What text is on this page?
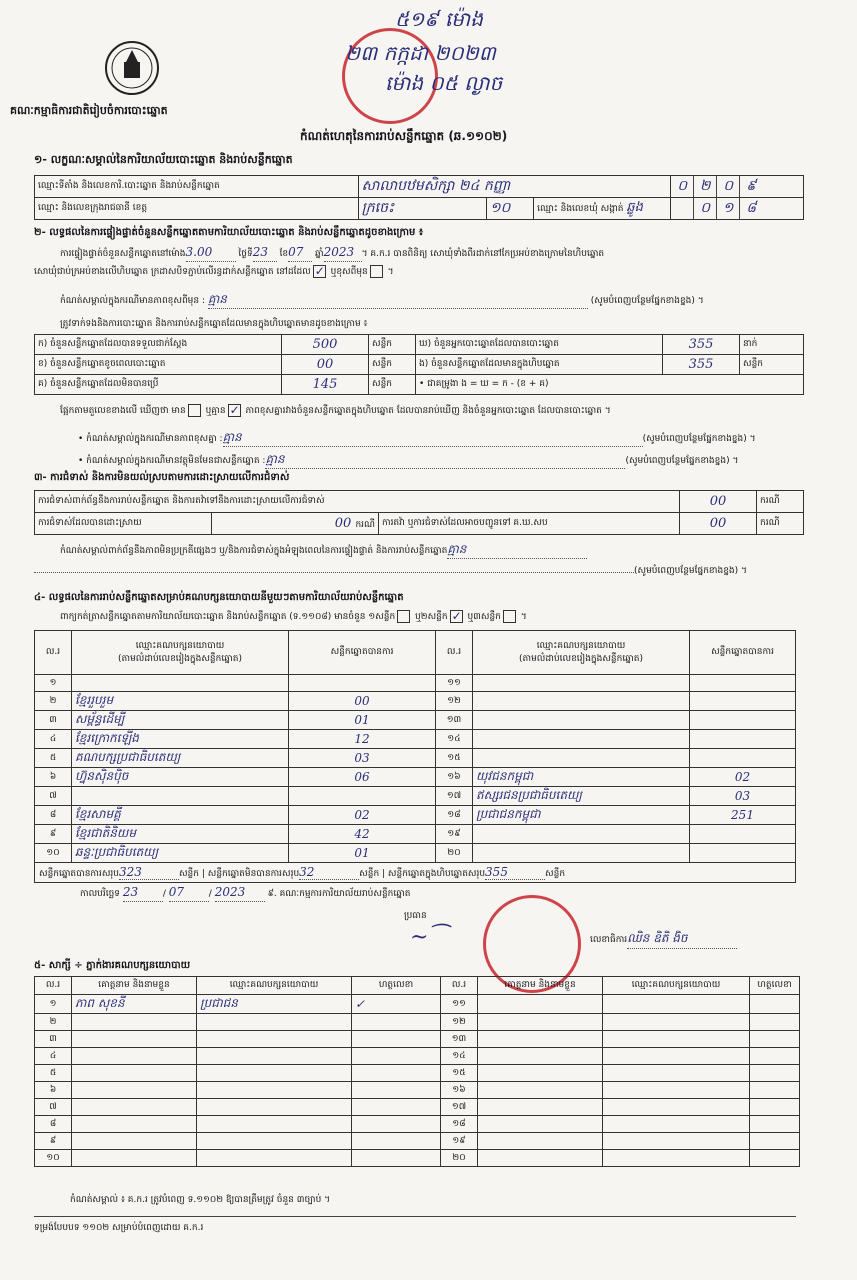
គណៈ​កម្មាធិការ​ជាតិ​រៀបចំ​ការ​បោះ​ឆ្នោត
៥១៩ ម៉ោង​
២៣ ក​ក្កដា ២០២៣
ម៉ោង ០៥ ល្ងាច
កំណត់ហេតុនៃការរាប់សន្លឹកឆ្នោត (ឆ.១១០២)
១- លក្ខណៈ​សម្គាល់​នៃ​ការិយាល័យ​បោះឆ្នោត និង​រាប់​សន្លឹក​ឆ្នោត
ឈ្មោះ​ទីតាំង និង​លេខ​ការិ.បោះឆ្នោត និង​រាប់​សន្លឹក​ឆ្នោត	សាលាបឋមសិក្សា ២៤ កញ្ញា			០ ២ ០ ៩
ឈ្មោះ និង​លេខ​ក្រុង​រាជធានី ខេត្ត	ក្រចេះ	១០	ឈ្មោះ និង​លេខ​ឃុំ សង្កាត់ ឆ្លូង	០ ១ ៨
២- លទ្ធផល​នៃ​ការ​ផ្ទៀងផ្ទាត់​ចំនួន​សន្លឹក​ឆ្នោត​តាម​ការិយាល័យ​បោះឆ្នោត និង​រាប់​សន្លឹក​ឆ្នោត​ដូច​ខាង​ក្រោម ៖
ការ​ផ្ទៀងផ្ទាត់​ចំនួន​សន្លឹក​ឆ្នោត​នៅ​ម៉ោង3.00	ថ្ងៃទី23 ខែ07 ឆ្នាំ2023 ។ គ.ក.រ បាន​ពិនិត្យ សោ​ឃុំ​ទាំង​ពីរ​ដាក់​នៅ​កែ​ប្រអប់​ខាង​ក្រោម​នៃ​ហិប​ឆ្នោត
សោ​ឃុំ​ជាប់​ក្រ​អប់​ខាង​លើ​ហិប​ឆ្នោត ក្រដាស​បិទ​ភ្ជាប់​លើ​រន្ធ​ដាក់​សន្លឹក​ឆ្នោត នៅ​ដដែល ✓ ឬ​ខុស​ពី​មុន ។
កំណត់​សម្គាល់​ក្នុង​ករណី​មាន​ភាព​ខុស​ពី​មុន : គ្មាន	(សូម​បំពេញ​បន្ថែម​ផ្នែក​ខាង​ខ្នង) ។
ត្រូវ​ទាក់​ទង​និង​ការ​បោះ​ឆ្នោត និង​ការ​រាប់​សន្លឹក​ឆ្នោត​ដែល​មាន​ក្នុង​ហិប​ឆ្នោត​មាន​ដូច​ខាង​ក្រោម ៖
ក) ចំនួន​សន្លឹក​ឆ្នោត​ដែល​បាន​ទទួល​ជាក់​ស្តែង	500	សន្លឹក	ឃ) ចំនួន​អ្នក​បោះ​ឆ្នោត​ដែល​បាន​បោះ​ឆ្នោត	355	នាក់
ខ) ចំនួន​សន្លឹក​ឆ្នោត​ខូច​ពេល​បោះ​ឆ្នោត	00	សន្លឹក	ង) ចំនួន​សន្លឹក​ឆ្នោត​ដែល​មាន​ក្នុង​ហិប​ឆ្នោត	355	សន្លឹក
គ) ចំនួន​សន្លឹក​ឆ្នោត​ដែល​មិន​បាន​ប្រើ	145	សន្លឹក	• ជា​គម្រូ​ងា ង = ឃ = ក - (ខ + គ)		
ផ្អែក​តាម​តួ​លេខ​ខាង​លើ​ ឃើញ​ថា មាន ឬ​គ្មាន ✓ ភាព​ខុស​គ្នា​រវាង​ចំនួន​សន្លឹក​ឆ្នោត​ក្នុង​ហិប​ឆ្នោត ដែល​បាន​រាប់​ឃើញ និង​ចំនួន​អ្នក​បោះ​ឆ្នោត ដែល​បាន​បោះ​ឆ្នោត ។
• កំណត់​សម្គាល់​ក្នុង​ករណី​មាន​ភាព​ខុស​គ្នា :គ្មាន	(សូម​បំពេញ​បន្ថែម​ផ្នែក​ខាង​ខ្នង) ។
• កំណត់​សម្គាល់​ក្នុង​ករណី​មាន​វត្ថុ​មិន​មែន​ជា​សន្លឹក​ឆ្នោត :គ្មាន	(សូម​បំពេញ​បន្ថែម​ផ្នែក​ខាង​ខ្នង) ។
៣- ការ​ជំទាស់ និង​ការ​មិន​យល់​ស្រប​តាម​ការ​ដោះ​ស្រាយ​លើ​ការ​ជំទាស់
ការ​ជំទាស់​ពាក់​ព័ន្ធ​នឹង​ការ​រាប់​សន្លឹក​ឆ្នោត និង​ការ​តវ៉ា​ទៅ​នឹង​ការ​ដោះ​ស្រាយ​លើ​ការ​ជំទាស់			00	ករណី
ការ​ជំទាស់​ដែល​បាន​ដោះ​ស្រាយ	00 ករណី	ការ​តវ៉ា ឬ​ការ​ជំទាស់​ដែល​អាច​បញ្ជូន​ទៅ គ.ឃ.សប	00	ករណី
កំណត់​សម្គាល់​ពាក់​ព័ន្ធ​នឹង​ភាព​មិន​ប្រក្រតី​ផ្សេង​ៗ ឬ/និង​ការ​ជំទាស់​ក្នុង​អំឡុង​ពេល​នៃ​ការ​ផ្ទៀងផ្ទាត់ និង​ការ​រាប់​សន្លឹក​ឆ្នោតគ្មាន
(សូម​បំពេញ​បន្ថែម​ផ្នែក​ខាង​ខ្នង) ។
៤- លទ្ធផល​នៃ​ការ​រាប់​សន្លឹក​ឆ្នោត​សម្រាប់​គណបក្ស​នយោបាយ​នីមួយៗ​តាម​ការិយាល័យ​រាប់​សន្លឹក​ឆ្នោត
ពាក្យ​កត់​ត្រា​សន្លឹក​ឆ្នោត​តាម​ការិយាល័យ​បោះ​ឆ្នោត និង​រាប់​សន្លឹក​ឆ្នោត (ទ.១១០៨) មាន​ចំនួន ១សន្លឹក ឬ២សន្លឹក ✓ ឬ៣សន្លឹក ។
ល.រ	ឈ្មោះ​គណបក្ស​នយោបាយ
(តាម​លំដាប់​លេខ​រៀង​ក្នុង​សន្លឹក​ឆ្នោត)	សន្លឹក​ឆ្នោត​បាន​ការ	ល.រ	ឈ្មោះ​គណបក្ស​នយោបាយ
(តាម​លំដាប់​លេខ​រៀង​ក្នុង​សន្លឹក​ឆ្នោត)	សន្លឹក​ឆ្នោត​បាន​ការ
១			១១		
២	ខ្មែរ​រួបរួម	00	១២		
៣	សម្ព័ន្ធ​ដើម្បី	01	១៣		
៤	ខ្មែរ​ក្រោក​ឡើង	12	១៤		
៥	គណបក្ស​ប្រជាធិបតេយ្យ	03	១៥		
៦	ហ្វ៊ុនស៊ិនប៉ិច	06	១៦	យុវជន​កម្ពុជា	02
៧			១៧	ឥស្សរជន​ប្រជាធិបតេយ្យ	03
៨	ខ្មែរ​សាមគ្គី	02	១៨	ប្រជាជន​កម្ពុជា	251
៩	ខ្មែរ​ជាតិ​និយម	42	១៩		
១០	ឆន្ទៈ​ប្រជាធិបតេយ្យ	01	២០		
សន្លឹក​ឆ្នោត​បាន​ការ​សរុប323 សន្លឹក | សន្លឹក​ឆ្នោត​មិន​បាន​ការ​សរុប32 សន្លឹក | សន្លឹក​ឆ្នោត​ក្នុង​ហិប​ឆ្នោត​សរុប355 សន្លឹក					
កាល​បរិច្ឆេទ 23	/ 07	/ 2023 ៩. គណៈ​កម្មការ​ការិយាល័យ​រាប់​សន្លឹក​ឆ្នោត
ប្រធាន
~⁀	លេខាធិការឈិន ឧិតិ ងិច
៥- សាក្សី ÷ ភ្នាក់​ងារ​គណបក្ស​នយោបាយ
ល.រ	គោត្តនាម និង​នាម​ខ្លួន	ឈ្មោះ​គណបក្ស​នយោបាយ	ហត្ថលេខា	ល.រ	គោត្តនាម និង​នាម​ខ្លួន	ឈ្មោះ​គណបក្ស​នយោបាយ	ហត្ថលេខា
១	ភាព សុខនី	ប្រជាជន	✓	១១			
២				១២			
៣				១៣			
៤				១៤			
៥				១៥			
៦				១៦			
៧				១៧			
៨				១៨			
៩				១៩			
១០				២០			
កំណត់​សម្គាល់ ៖ គ.ក.រ ត្រូវ​បំពេញ ទ.១១០២ ឱ្យ​បាន​ត្រឹម​ត្រូវ ចំនួន ៣ច្បាប់ ។
ទម្រង់​បែបបទ ១១០២ សម្រាប់​បំពេញ​ដោយ គ.ក.រ
